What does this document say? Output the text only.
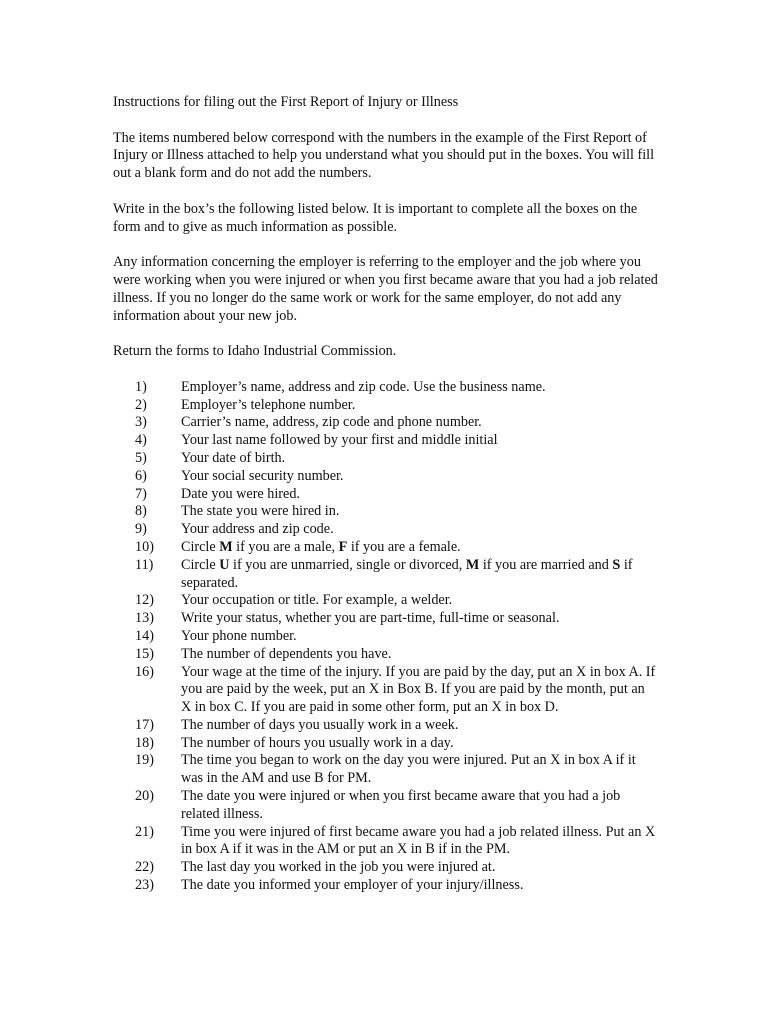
Instructions for filing out the First Report of Injury or Illness

The items numbered below correspond with the numbers in the example of the First Report of Injury or Illness attached to help you understand what you should put in the boxes. You will fill out a blank form and do not add the numbers.

Write in the box’s the following listed below. It is important to complete all the boxes on the form and to give as much information as possible.

Any information concerning the employer is referring to the employer and the job where you were working when you were injured or when you first became aware that you had a job related illness. If you no longer do the same work or work for the same employer, do not add any information about your new job.

Return the forms to Idaho Industrial Commission.

1)	Employer’s name, address and zip code. Use the business name.
2)	Employer’s telephone number.
3)	Carrier’s name, address, zip code and phone number.
4)	Your last name followed by your first and middle initial
5)	Your date of birth.
6)	Your social security number.
7)	Date you were hired.
8)	The state you were hired in.
9)	Your address and zip code.
10)	Circle M if you are a male, F if you are a female.
11)	Circle U if you are unmarried, single or divorced, M if you are married and S if separated.
12)	Your occupation or title. For example, a welder.
13)	Write your status, whether you are part-time, full-time or seasonal.
14)	Your phone number.
15)	The number of dependents you have.
16)	Your wage at the time of the injury. If you are paid by the day, put an X in box A. If you are paid by the week, put an X in Box B. If you are paid by the month, put an X in box C. If you are paid in some other form, put an X in box D.
17)	The number of days you usually work in a week.
18)	The number of hours you usually work in a day.
19)	The time you began to work on the day you were injured. Put an X in box A if it was in the AM and use B for PM.
20)	The date you were injured or when you first became aware that you had a job related illness.
21)	Time you were injured of first became aware you had a job related illness. Put an X in box A if it was in the AM or put an X in B if in the PM.
22)	The last day you worked in the job you were injured at.
23)	The date you informed your employer of your injury/illness.
